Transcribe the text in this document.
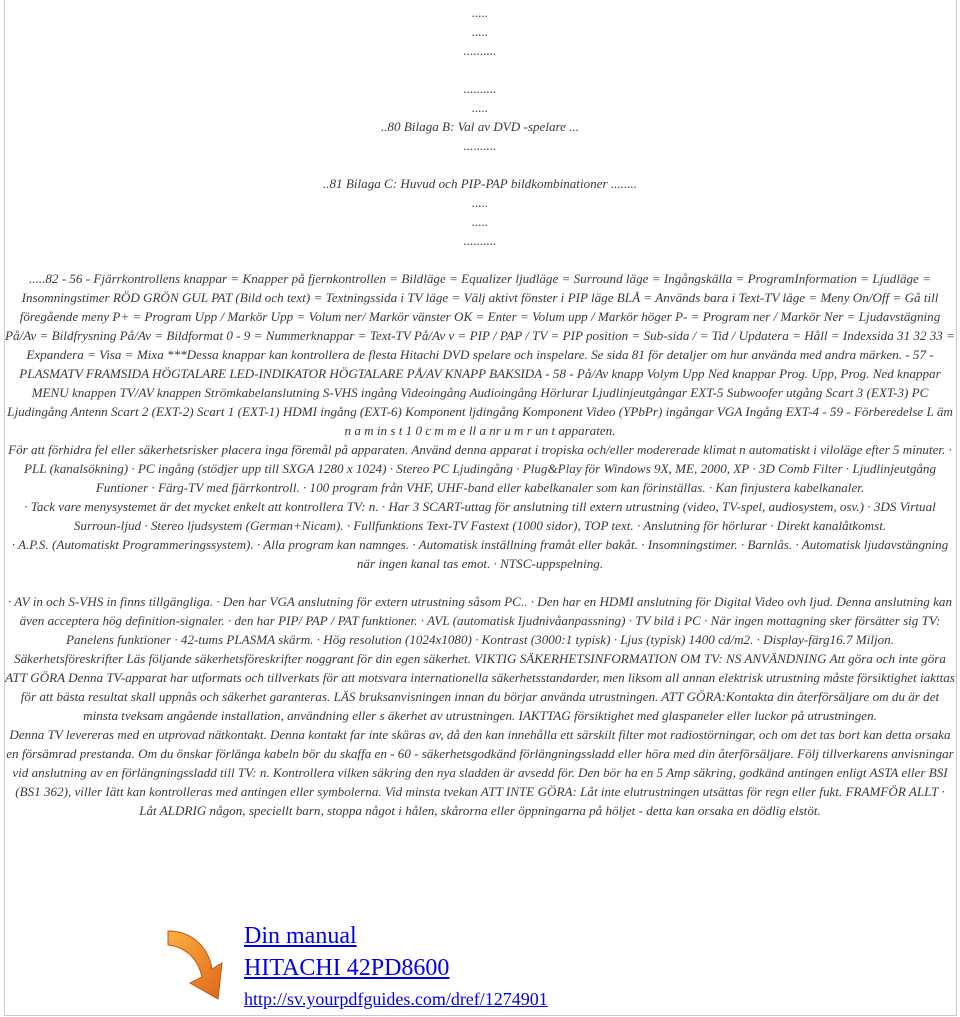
.....
.....
..........
..........
.....
..80 Bilaga B: Val av DVD -spelare ...
..........
..81 Bilaga C: Huvud och PIP-PAP bildkombinationer ........
.....
.....
..........

.....82 - 56 - Fjärrkontrollens knappar = Knapper på fjernkontrollen = Bildläge = Equalizer ljudläge = Surround läge = Ingångskälla = ProgramInformation = Ljudläge = Insomningstimer RÖD GRÖN GUL PAT (Bild och text) = Textningssida i TV läge = Välj aktivt fönster i PIP läge BLÅ = Används bara i Text-TV läge = Meny On/Off = Gå till föregående meny P+ = Program Upp / Markör Upp = Volum ner/ Markör vänster OK = Enter = Volum upp / Markör höger P- = Program ner / Markör Ner = Ljudavstägning På/Av = Bildfrysning På/Av = Bildformat 0 - 9 = Nummerknappar = Text-TV På/Av v = PIP / PAP / TV = PIP position = Sub-sida / = Tid / Updatera = Håll = Indexsida 31 32 33 = Expandera = Visa = Mixa ***Dessa knappar kan kontrollera de flesta Hitachi DVD spelare och inspelare. Se sida 81 för detaljer om hur använda med andra märken. - 57 - PLASMATV FRAMSIDA HÖGTALARE LED-INDIKATOR HÖGTALARE PÅ/AV KNAPP BAKSIDA - 58 - På/Av knapp Volym Upp Ned knappar Prog. Upp, Prog. Ned knappar MENU knappen TV/AV knappen Strömkabelanslutning S-VHS ingång Videoingång Audioingång Hörlurar Ljudlinjeutgångar EXT-5 Subwoofer utgång Scart 3 (EXT-3) PC Ljudingång Antenn Scart 2 (EXT-2) Scart 1 (EXT-1) HDMI ingång (EXT-6) Komponent ljdingång Komponent Video (YPbPr) ingångar VGA Ingång EXT-4 - 59 - Förberedelse L äm n a m in s t 1 0 c m m e ll a nr u m r un t apparaten.

För att förhidra fel eller säkerhetsrisker placera inga föremål på apparaten. Använd denna apparat i tropiska och/eller modererade klimat n automatiskt i viloläge efter 5 minuter. · PLL (kanalsökning) · PC ingång (stödjer upp till SXGA 1280 x 1024) · Stereo PC Ljudingång · Plug&Play för Windows 9X, ME, 2000, XP · 3D Comb Filter · Ljudlinjeutgång Funtioner · Färg-TV med fjärrkontroll. · 100 program från VHF, UHF-band eller kabelkanaler som kan förinställas. · Kan finjustera kabelkanaler.

· Tack vare menysystemet är det mycket enkelt att kontrollera TV: n. · Har 3 SCART-uttag för anslutning till extern utrustning (video, TV-spel, audiosystem, osv.) · 3DS Virtual Surroun-ljud · Stereo ljudsystem (German+Nicam). · Fullfunktions Text-TV Fastext (1000 sidor), TOP text. · Anslutning för hörlurar · Direkt kanalåtkomst.

· A.P.S. (Automatiskt Programmeringssystem). · Alla program kan namnges. · Automatisk inställning framåt eller bakåt. · Insomningstimer. · Barnlås. · Automatisk ljudavstängning när ingen kanal tas emot. · NTSC-uppspelning.

· AV in och S-VHS in finns tillgängliga. · Den har VGA anslutning för extern utrustning såsom PC.. · Den har en HDMI anslutning för Digital Video ovh ljud. Denna anslutning kan även acceptera hög definition-signaler. · den har PIP/ PAP / PAT funktioner. · AVL (automatisk Ijudnivåanpassning) · TV bild i PC · När ingen mottagning sker försätter sig TV: Panelens funktioner · 42-tums PLASMA skärm. · Hög resolution (1024x1080) · Kontrast (3000:1 typisk) · Ljus (typisk) 1400 cd/m2. · Display-färg16.7 Miljon.

Säkerhetsföreskrifter Läs följande säkerhetsföreskrifter noggrant för din egen säkerhet. VIKTIG SÄKERHETSINFORMATION OM TV: NS ANVÄNDNING Att göra och inte göra ATT GÖRA Denna TV-apparat har utformats och tillverkats för att motsvara internationella säkerhetsstandarder, men liksom all annan elektrisk utrustning måste försiktighet iakttas för att bästa resultat skall uppnås och säkerhet garanteras. LÄS bruksanvisningen innan du börjar använda utrustningen. ATT GÖRA:Kontakta din återförsäljare om du är det minsta tveksam angående installation, användning eller s äkerhet av utrustningen. IAKTTAG försiktighet med glaspaneler eller luckor på utrustningen.

Denna TV levereras med en utprovad nätkontakt. Denna kontakt far inte skäras av, då den kan innehålla ett särskilt filter mot radiostörningar, och om det tas bort kan detta orsaka en försämrad prestanda. Om du önskar förlänga kabeln bör du skaffa en - 60 - säkerhetsgodkänd förlängningssladd eller höra med din återförsäljare. Följ tillverkarens anvisningar vid anslutning av en förlängningssladd till TV: n. Kontrollera vilken säkring den nya sladden är avsedd för. Den bör ha en 5 Amp säkring, godkänd antingen enligt ASTA eller BSI (BS1 362), viller Iätt kan kontrolleras med antingen eller symbolerna. Vid minsta tvekan ATT INTE GÖRA: Låt inte elutrustningen utsättas för regn eller fukt. FRAMFÖR ALLT · Låt ALDRIG någon, speciellt barn, stoppa något i hålen, skårorna eller öppningarna på höljet - detta kan orsaka en dödlig elstöt.

Din manual
HITACHI 42PD8600
http://sv.yourpdfguides.com/dref/1274901
